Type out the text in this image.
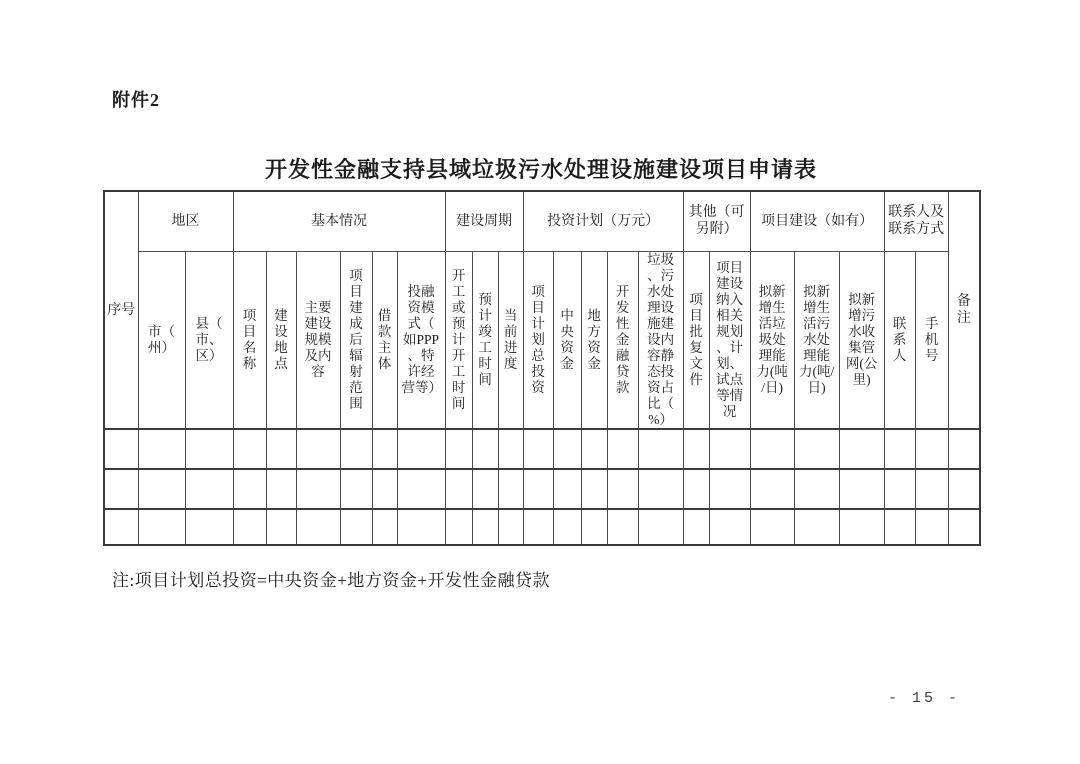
附件2
开发性金融支持县域垃圾污水处理设施建设项目申请表
序号	地区		基本情况						建设周期			投资计划（万元）					其他（可另附）		项目建设（如有）			联系人及联系方式		备注
	市（州）	县（市、区）	项目名称	建设地点	主要建设规模及内容	项目建成后辐射范围	借款主体	投融资模式（如PPP、特许经营等）	开工或预计开工时间	预计竣工时间	当前进度	项目计划总投资	中央资金	地方资金	开发性金融贷款	垃圾、污水处理设施建设内容静态投资占比（%）	项目批复文件	项目建设纳入相关规划、计划、试点等情况	拟新增生活垃圾处理能力(吨/日)	拟新增生活污水处理能力(吨/日)	拟新增污水收集管网(公里)	联系人	手机号	

注:项目计划总投资=中央资金+地方资金+开发性金融贷款
- 15 -
